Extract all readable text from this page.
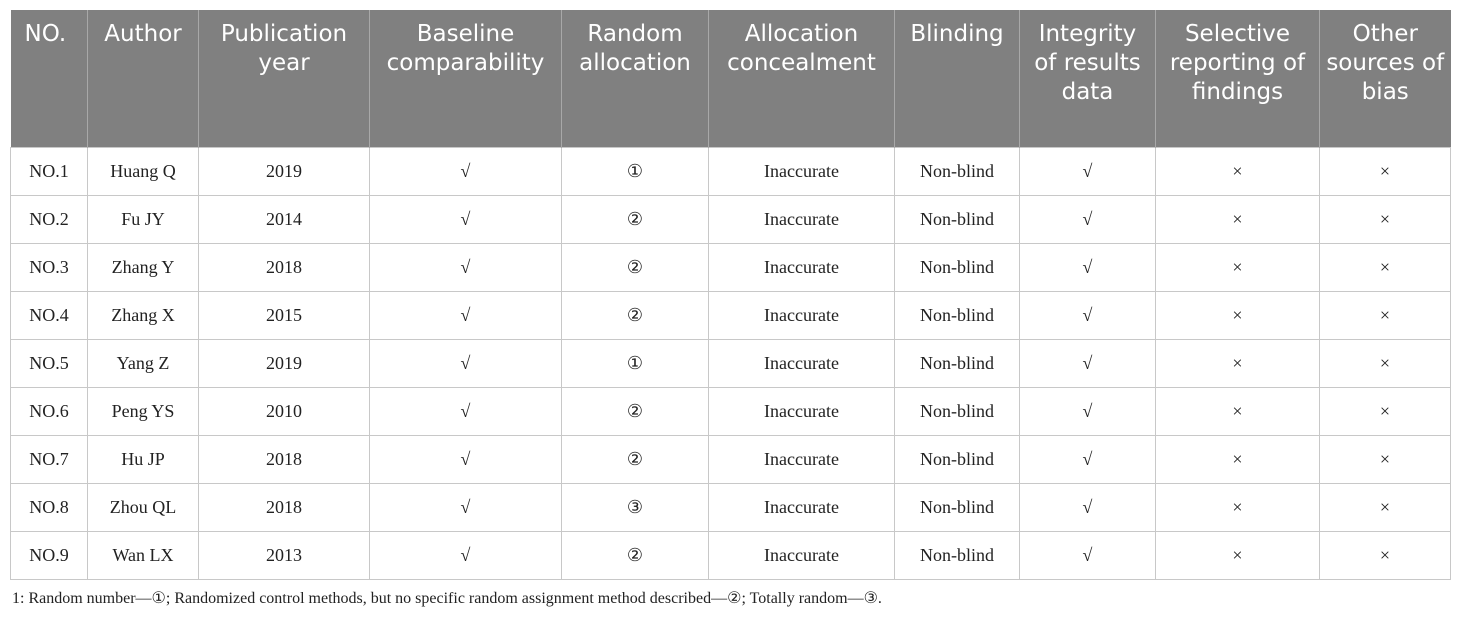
NO.	Author	Publication year	Baseline comparability	Random allocation	Allocation concealment	Blinding	Integrity of results data	Selective reporting of findings	Other sources of bias
NO.1	Huang Q	2019	√	①	Inaccurate	Non-blind	√	×	×
NO.2	Fu JY	2014	√	②	Inaccurate	Non-blind	√	×	×
NO.3	Zhang Y	2018	√	②	Inaccurate	Non-blind	√	×	×
NO.4	Zhang X	2015	√	②	Inaccurate	Non-blind	√	×	×
NO.5	Yang Z	2019	√	①	Inaccurate	Non-blind	√	×	×
NO.6	Peng YS	2010	√	②	Inaccurate	Non-blind	√	×	×
NO.7	Hu JP	2018	√	②	Inaccurate	Non-blind	√	×	×
NO.8	Zhou QL	2018	√	③	Inaccurate	Non-blind	√	×	×
NO.9	Wan LX	2013	√	②	Inaccurate	Non-blind	√	×	×
1: Random number—①; Randomized control methods, but no specific random assignment method described—②; Totally random—③.
